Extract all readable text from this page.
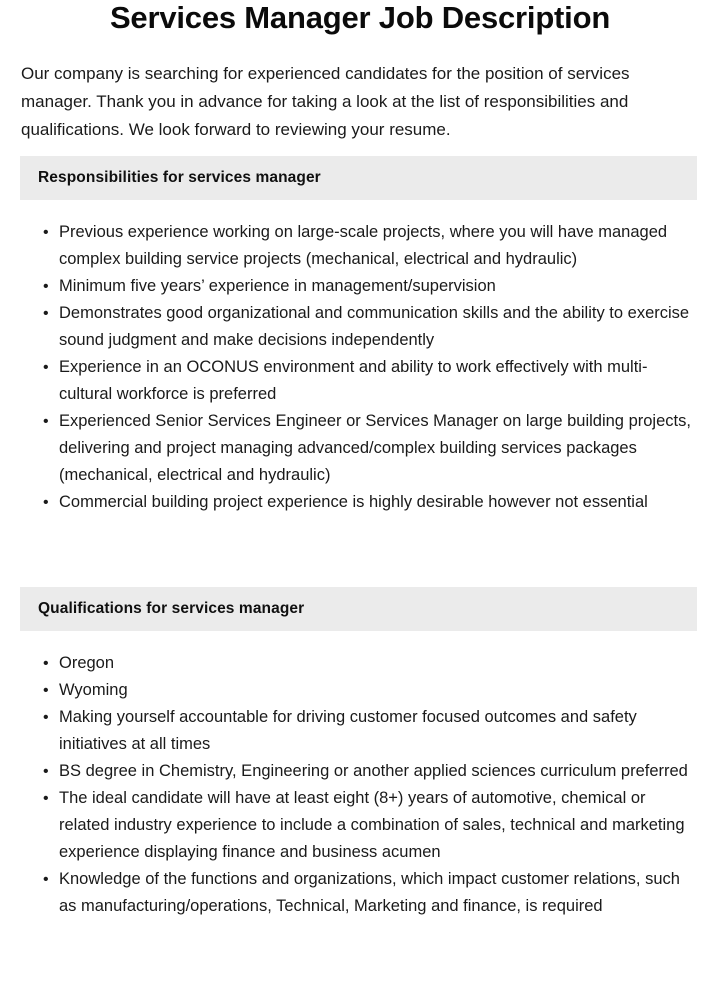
Services Manager Job Description

Our company is searching for experienced candidates for the position of services manager. Thank you in advance for taking a look at the list of responsibilities and qualifications. We look forward to reviewing your resume.

Responsibilities for services manager
• Previous experience working on large-scale projects, where you will have managed complex building service projects (mechanical, electrical and hydraulic)
• Minimum five years’ experience in management/supervision
• Demonstrates good organizational and communication skills and the ability to exercise sound judgment and make decisions independently
• Experience in an OCONUS environment and ability to work effectively with multi-cultural workforce is preferred
• Experienced Senior Services Engineer or Services Manager on large building projects, delivering and project managing advanced/complex building services packages (mechanical, electrical and hydraulic)
• Commercial building project experience is highly desirable however not essential
Qualifications for services manager
• Oregon
• Wyoming
• Making yourself accountable for driving customer focused outcomes and safety initiatives at all times
• BS degree in Chemistry, Engineering or another applied sciences curriculum preferred
• The ideal candidate will have at least eight (8+) years of automotive, chemical or related industry experience to include a combination of sales, technical and marketing experience displaying finance and business acumen
• Knowledge of the functions and organizations, which impact customer relations, such as manufacturing/operations, Technical, Marketing and finance, is required
